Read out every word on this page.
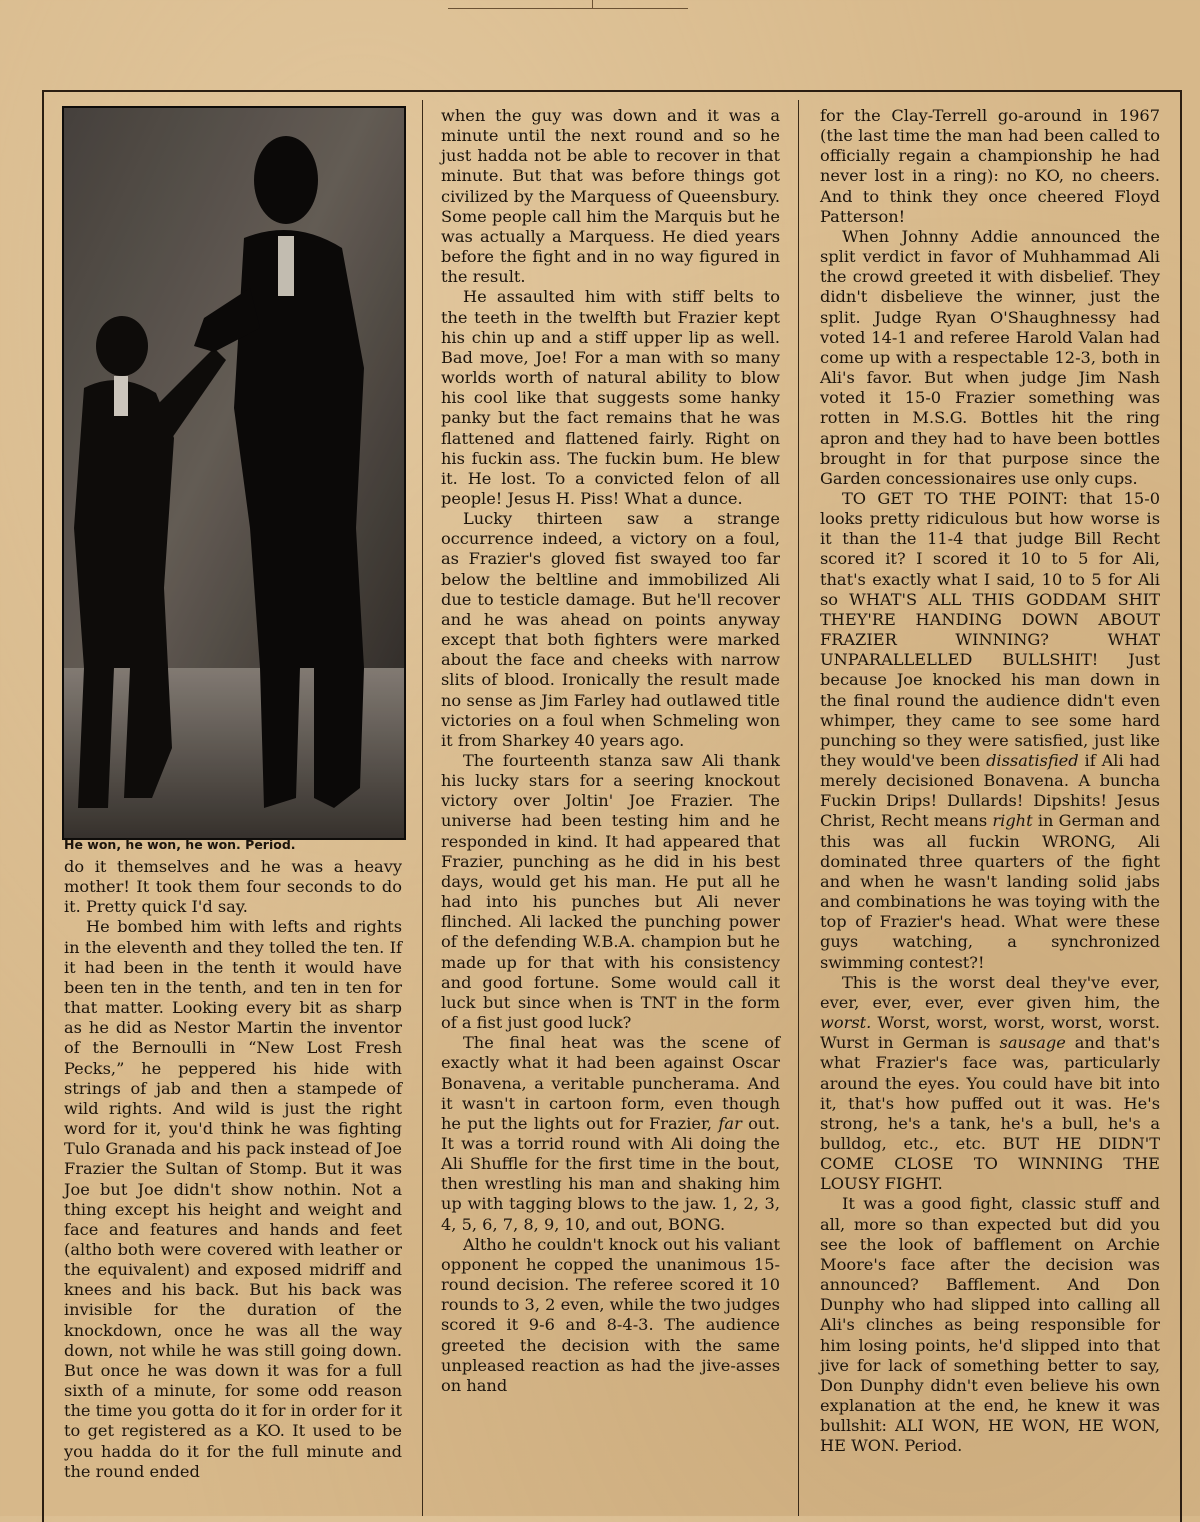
He won, he won, he won. Period.

do it themselves and he was a heavy mother! It took them four seconds to do it. Pretty quick I'd say.

He bombed him with lefts and rights in the eleventh and they tolled the ten. If it had been in the tenth it would have been ten in the tenth, and ten in ten for that matter. Looking every bit as sharp as he did as Nestor Martin the inventor of the Bernoulli in “New Lost Fresh Pecks,” he peppered his hide with strings of jab and then a stampede of wild rights. And wild is just the right word for it, you'd think he was fighting Tulo Granada and his pack instead of Joe Frazier the Sultan of Stomp. But it was Joe but Joe didn't show nothin. Not a thing except his height and weight and face and features and hands and feet (altho both were covered with leather or the equivalent) and exposed midriff and knees and his back. But his back was invisible for the duration of the knockdown, once he was all the way down, not while he was still going down. But once he was down it was for a full sixth of a minute, for some odd reason the time you gotta do it for in order for it to get registered as a KO. It used to be you hadda do it for the full minute and the round ended

when the guy was down and it was a minute until the next round and so he just hadda not be able to recover in that minute. But that was before things got civilized by the Marquess of Queensbury. Some people call him the Marquis but he was actually a Marquess. He died years before the fight and in no way figured in the result.

He assaulted him with stiff belts to the teeth in the twelfth but Frazier kept his chin up and a stiff upper lip as well. Bad move, Joe! For a man with so many worlds worth of natural ability to blow his cool like that suggests some hanky panky but the fact remains that he was flattened and flattened fairly. Right on his fuckin ass. The fuckin bum. He blew it. He lost. To a convicted felon of all people! Jesus H. Piss! What a dunce.

Lucky thirteen saw a strange occurrence indeed, a victory on a foul, as Frazier's gloved fist swayed too far below the beltline and immobilized Ali due to testicle damage. But he'll recover and he was ahead on points anyway except that both fighters were marked about the face and cheeks with narrow slits of blood. Ironically the result made no sense as Jim Farley had outlawed title victories on a foul when Schmeling won it from Sharkey 40 years ago.

The fourteenth stanza saw Ali thank his lucky stars for a seering knockout victory over Joltin' Joe Frazier. The universe had been testing him and he responded in kind. It had appeared that Frazier, punching as he did in his best days, would get his man. He put all he had into his punches but Ali never flinched. Ali lacked the punching power of the defending W.B.A. champion but he made up for that with his consistency and good fortune. Some would call it luck but since when is TNT in the form of a fist just good luck?

The final heat was the scene of exactly what it had been against Oscar Bonavena, a veritable puncherama. And it wasn't in cartoon form, even though he put the lights out for Frazier, far out. It was a torrid round with Ali doing the Ali Shuffle for the first time in the bout, then wrestling his man and shaking him up with tagging blows to the jaw. 1, 2, 3, 4, 5, 6, 7, 8, 9, 10, and out, BONG.

Altho he couldn't knock out his valiant opponent he copped the unanimous 15-round decision. The referee scored it 10 rounds to 3, 2 even, while the two judges scored it 9-6 and 8-4-3. The audience greeted the decision with the same unpleased reaction as had the jive-asses on hand

for the Clay-Terrell go-around in 1967 (the last time the man had been called to officially regain a championship he had never lost in a ring): no KO, no cheers. And to think they once cheered Floyd Patterson!

When Johnny Addie announced the split verdict in favor of Muhhammad Ali the crowd greeted it with disbelief. They didn't disbelieve the winner, just the split. Judge Ryan O'Shaughnessy had voted 14-1 and referee Harold Valan had come up with a respectable 12-3, both in Ali's favor. But when judge Jim Nash voted it 15-0 Frazier something was rotten in M.S.G. Bottles hit the ring apron and they had to have been bottles brought in for that purpose since the Garden concessionaires use only cups.

TO GET TO THE POINT: that 15-0 looks pretty ridiculous but how worse is it than the 11-4 that judge Bill Recht scored it? I scored it 10 to 5 for Ali, that's exactly what I said, 10 to 5 for Ali so WHAT'S ALL THIS GODDAM SHIT THEY'RE HANDING DOWN ABOUT FRAZIER WINNING? WHAT UNPARALLELLED BULLSHIT! Just because Joe knocked his man down in the final round the audience didn't even whimper, they came to see some hard punching so they were satisfied, just like they would've been dissatisfied if Ali had merely decisioned Bonavena. A buncha Fuckin Drips! Dullards! Dipshits! Jesus Christ, Recht means right in German and this was all fuckin WRONG, Ali dominated three quarters of the fight and when he wasn't landing solid jabs and combinations he was toying with the top of Frazier's head. What were these guys watching, a synchronized swimming contest?!

This is the worst deal they've ever, ever, ever, ever, ever given him, the worst. Worst, worst, worst, worst, worst. Wurst in German is sausage and that's what Frazier's face was, particularly around the eyes. You could have bit into it, that's how puffed out it was. He's strong, he's a tank, he's a bull, he's a bulldog, etc., etc. BUT HE DIDN'T COME CLOSE TO WINNING THE LOUSY FIGHT.

It was a good fight, classic stuff and all, more so than expected but did you see the look of bafflement on Archie Moore's face after the decision was announced? Bafflement. And Don Dunphy who had slipped into calling all Ali's clinches as being responsible for him losing points, he'd slipped into that jive for lack of something better to say, Don Dunphy didn't even believe his own explanation at the end, he knew it was bullshit: ALI WON, HE WON, HE WON, HE WON. Period.
